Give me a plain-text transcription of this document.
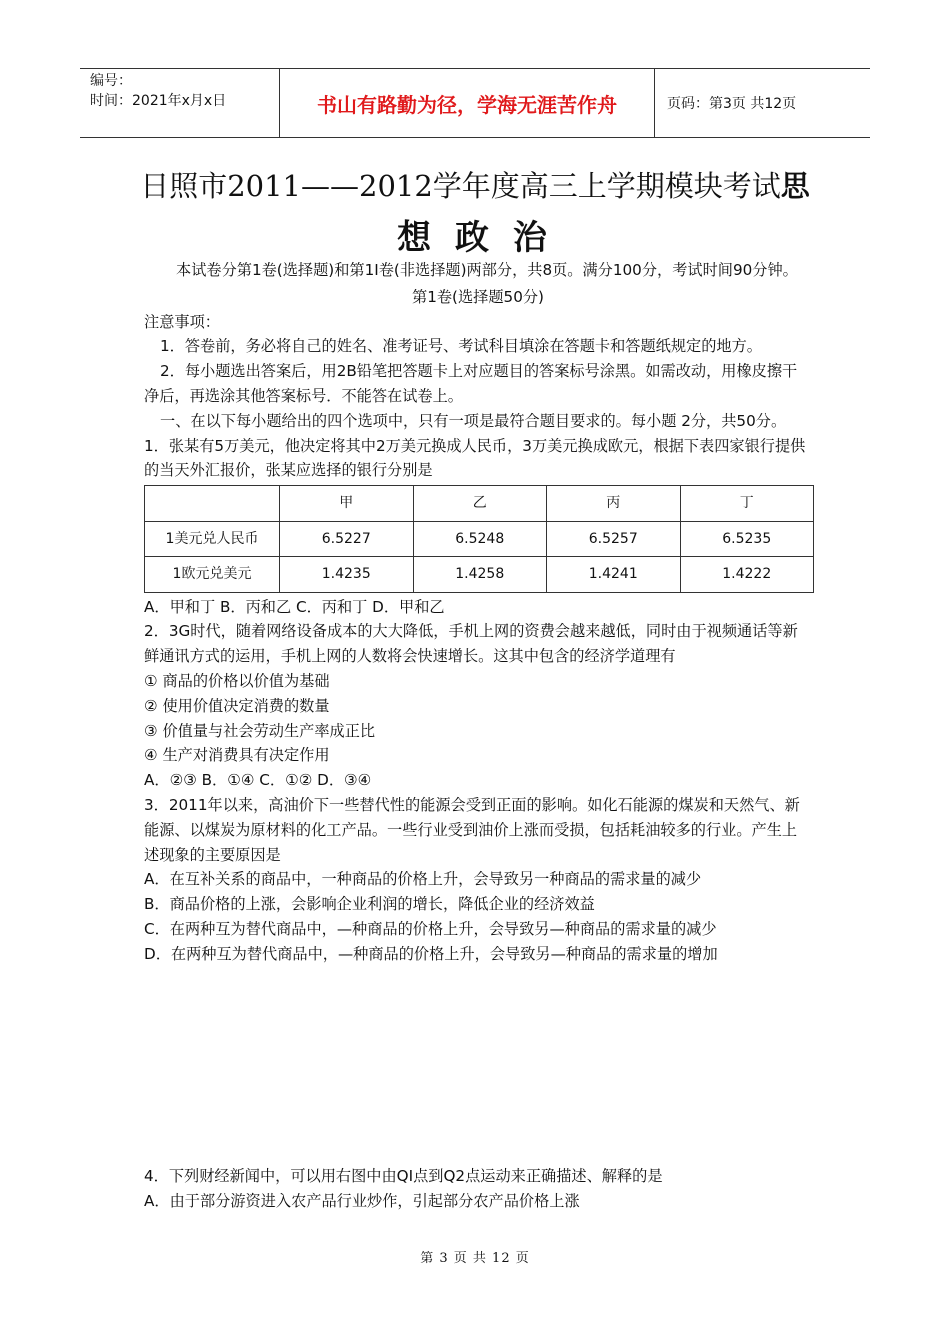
编号：
时间：2021年x月x日	书山有路勤为径，学海无涯苦作舟	页码：第3页 共12页
日照市2011——2012学年度高三上学期模块考试思
想 政 治

本试卷分第1卷(选择题)和第1I卷(非选择题)两部分，共8页。满分100分，考试时间90分钟。

第1卷(选择题50分)

注意事项：

1．答卷前，务必将自己的姓名、准考证号、考试科目填涂在答题卡和答题纸规定的地方。

2．每小题选出答案后，用2B铅笔把答题卡上对应题目的答案标号涂黑。如需改动，用橡皮擦干净后，再选涂其他答案标号．不能答在试卷上。

一、在以下每小题给出的四个选项中，只有一项是最符合题目要求的。每小题 2分，共50分。

1．张某有5万美元，他决定将其中2万美元换成人民币，3万美元换成欧元，根据下表四家银行提供的当天外汇报价，张某应选择的银行分别是

	甲	乙	丙	丁
1美元兑人民币	6.5227	6.5248	6.5257	6.5235
1欧元兑美元	1.4235	1.4258	1.4241	1.4222

A．甲和丁 B．丙和乙 C．丙和丁 D．甲和乙

2．3G时代，随着网络设备成本的大大降低，手机上网的资费会越来越低，同时由于视频通话等新鲜通讯方式的运用，手机上网的人数将会快速增长。这其中包含的经济学道理有

① 商品的价格以价值为基础

② 使用价值决定消费的数量

③ 价值量与社会劳动生产率成正比

④ 生产对消费具有决定作用

A．②③ B．①④ C．①② D．③④

3．2011年以来，高油价下一些替代性的能源会受到正面的影响。如化石能源的煤炭和天然气、新能源、以煤炭为原材料的化工产品。一些行业受到油价上涨而受损，包括耗油较多的行业。产生上述现象的主要原因是

A．在互补关系的商品中，一种商品的价格上升，会导致另一种商品的需求量的减少

B．商品价格的上涨，会影响企业利润的增长，降低企业的经济效益

C．在两种互为替代商品中，—种商品的价格上升，会导致另—种商品的需求量的减少

D．在两种互为替代商品中，—种商品的价格上升，会导致另—种商品的需求量的增加

4．下列财经新闻中，可以用右图中由QI点到Q2点运动来正确描述、解释的是

A．由于部分游资进入农产品行业炒作，引起部分农产品价格上涨

第 3 页 共 12 页
